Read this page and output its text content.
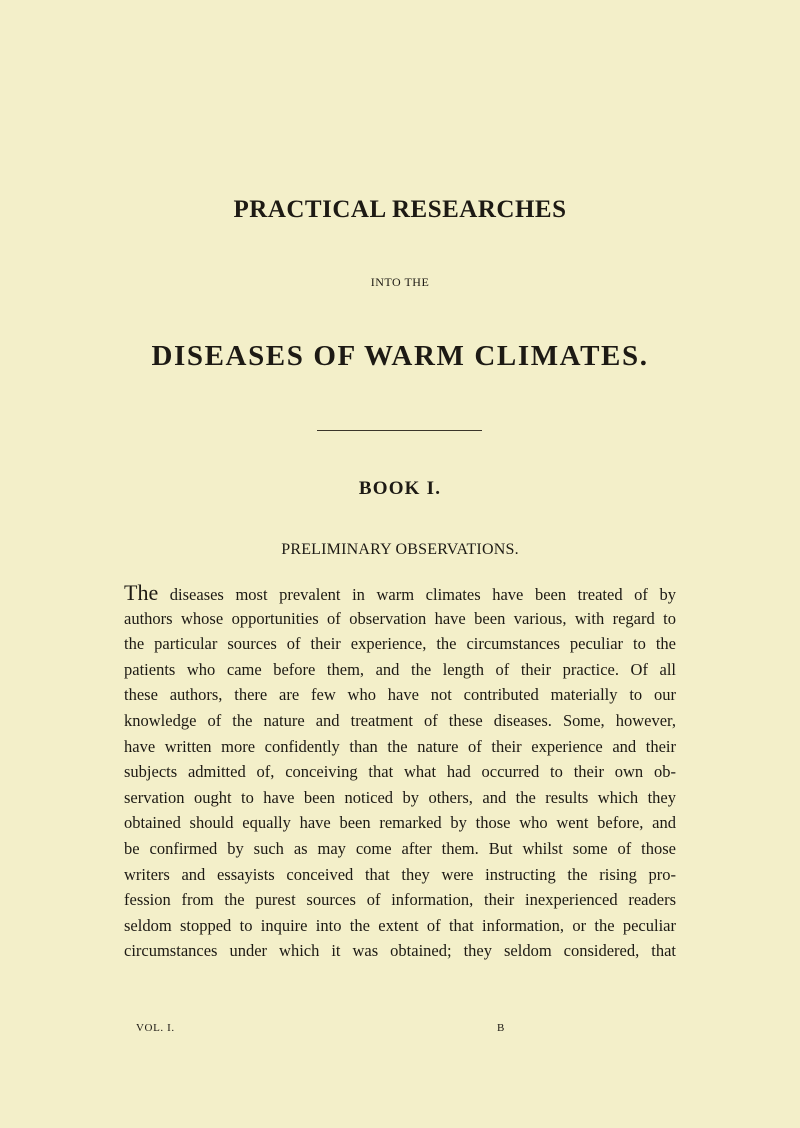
PRACTICAL RESEARCHES
INTO THE
DISEASES OF WARM CLIMATES.
BOOK I.
PRELIMINARY OBSERVATIONS.
The diseases most prevalent in warm climates have been treated of by
authors whose opportunities of observation have been various, with regard to
the particular sources of their experience, the circumstances peculiar to the
patients who came before them, and the length of their practice. Of all
these authors, there are few who have not contributed materially to our
knowledge of the nature and treatment of these diseases. Some, however,
have written more confidently than the nature of their experience and their
subjects admitted of, conceiving that what had occurred to their own ob-
servation ought to have been noticed by others, and the results which they
obtained should equally have been remarked by those who went before, and
be confirmed by such as may come after them. But whilst some of those
writers and essayists conceived that they were instructing the rising pro-
fession from the purest sources of information, their inexperienced readers
seldom stopped to inquire into the extent of that information, or the peculiar
circumstances under which it was obtained; they seldom considered, that
VOL. I.	B
